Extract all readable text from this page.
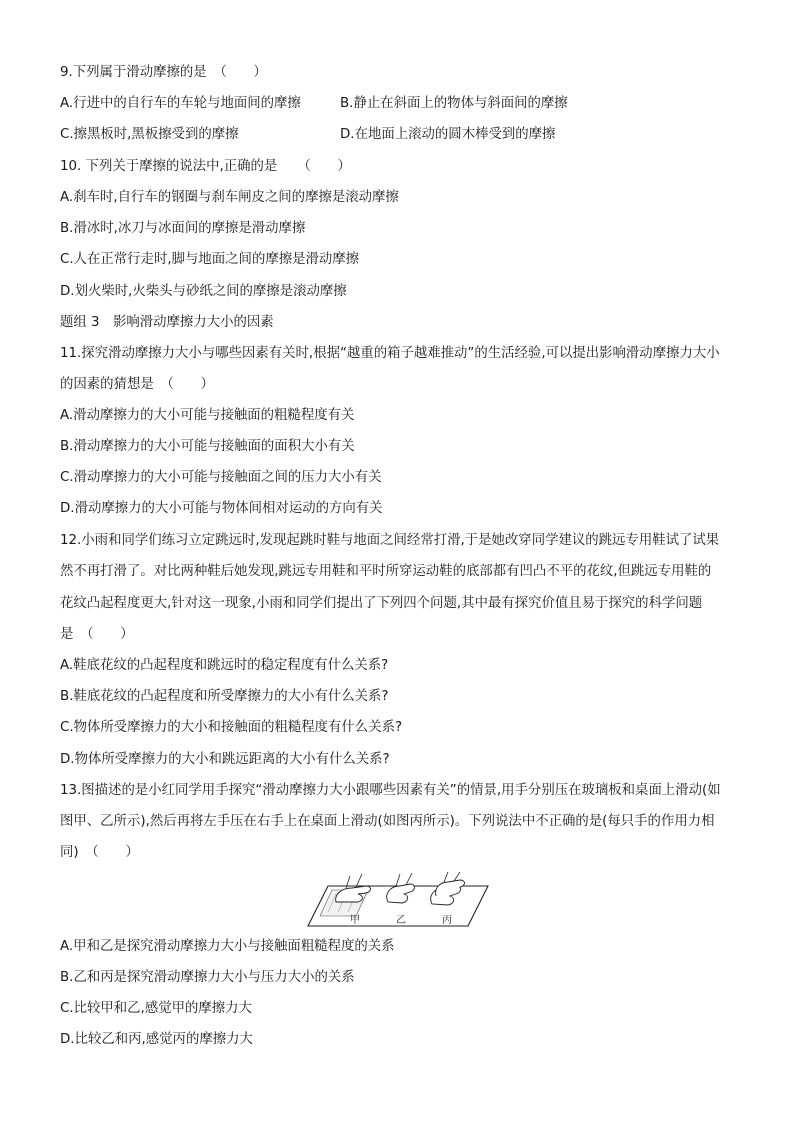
9.下列属于滑动摩擦的是　（　　）
A.行进中的自行车的车轮与地面间的摩擦	B.静止在斜面上的物体与斜面间的摩擦
C.擦黑板时,黑板擦受到的摩擦	D.在地面上滚动的圆木棒受到的摩擦
10. 下列关于摩擦的说法中,正确的是　　（　　）
A.刹车时,自行车的钢圈与刹车闸皮之间的摩擦是滚动摩擦
B.滑冰时,冰刀与冰面间的摩擦是滑动摩擦
C.人在正常行走时,脚与地面之间的摩擦是滑动摩擦
D.划火柴时,火柴头与砂纸之间的摩擦是滚动摩擦
题组 3　影响滑动摩擦力大小的因素
11.探究滑动摩擦力大小与哪些因素有关时,根据“越重的箱子越难推动”的生活经验,可以提出影响滑动摩擦力大小
的因素的猜想是　（　　）
A.滑动摩擦力的大小可能与接触面的粗糙程度有关
B.滑动摩擦力的大小可能与接触面的面积大小有关
C.滑动摩擦力的大小可能与接触面之间的压力大小有关
D.滑动摩擦力的大小可能与物体间相对运动的方向有关
12.小雨和同学们练习立定跳远时,发现起跳时鞋与地面之间经常打滑,于是她改穿同学建议的跳远专用鞋试了试果
然不再打滑了。对比两种鞋后她发现,跳远专用鞋和平时所穿运动鞋的底部都有凹凸不平的花纹,但跳远专用鞋的
花纹凸起程度更大,针对这一现象,小雨和同学们提出了下列四个问题,其中最有探究价值且易于探究的科学问题
是　（　　）
A.鞋底花纹的凸起程度和跳远时的稳定程度有什么关系?
B.鞋底花纹的凸起程度和所受摩擦力的大小有什么关系?
C.物体所受摩擦力的大小和接触面的粗糙程度有什么关系?
D.物体所受摩擦力的大小和跳远距离的大小有什么关系?
13.图描述的是小红同学用手探究“滑动摩擦力大小跟哪些因素有关”的情景,用手分别压在玻璃板和桌面上滑动(如
图甲、乙所示),然后再将左手压在右手上在桌面上滑动(如图丙所示)。下列说法中不正确的是(每只手的作用力相
同)　（　　）
甲	乙	丙
A.甲和乙是探究滑动摩擦力大小与接触面粗糙程度的关系
B.乙和丙是探究滑动摩擦力大小与压力大小的关系
C.比较甲和乙,感觉甲的摩擦力大
D.比较乙和丙,感觉丙的摩擦力大
